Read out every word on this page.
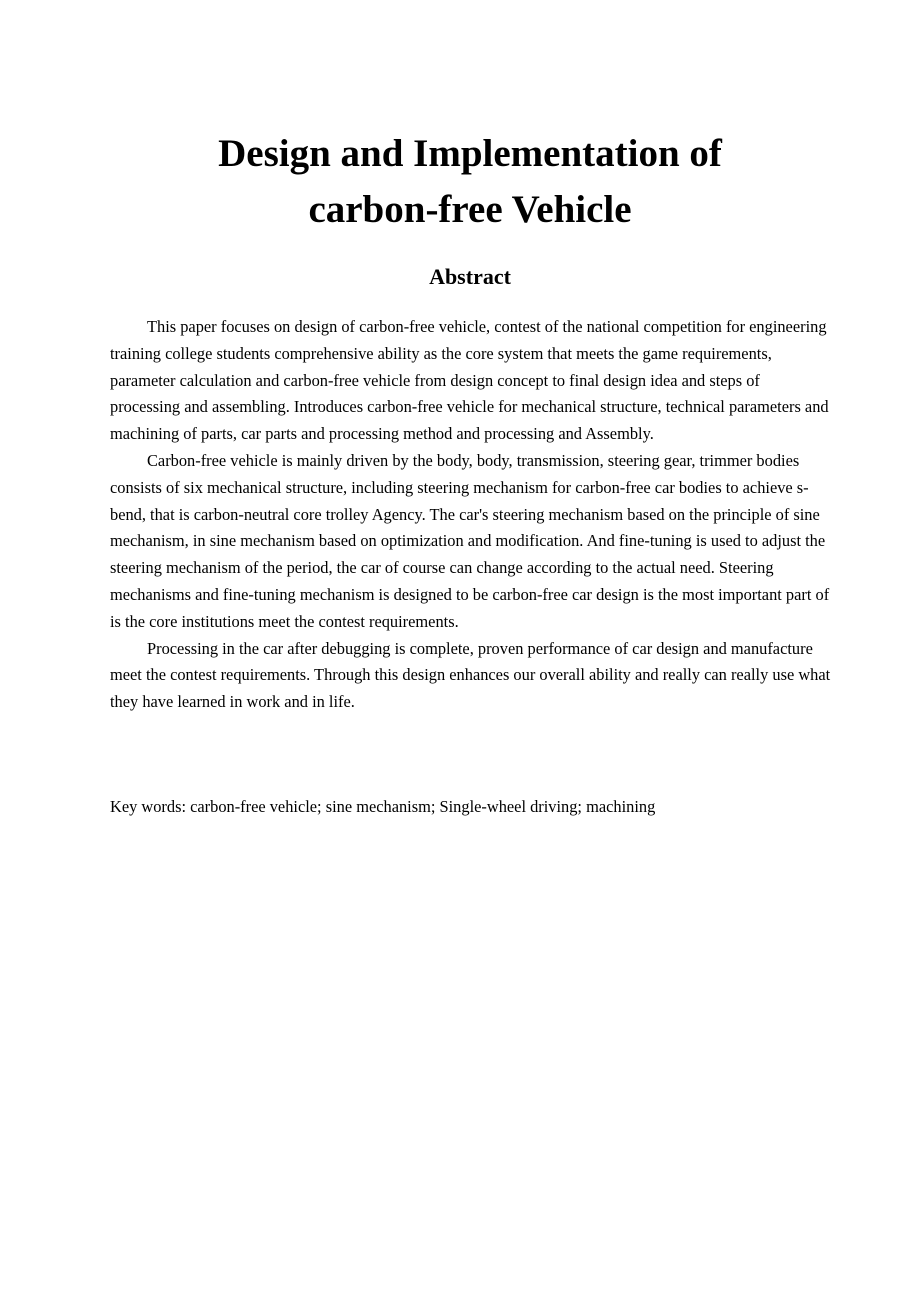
Design and Implementation of
carbon-free Vehicle
Abstract

This paper focuses on design of carbon-free vehicle, contest of the national competition for engineering training college students comprehensive ability as the core system that meets the game requirements, parameter calculation and carbon-free vehicle from design concept to final design idea and steps of processing and assembling. Introduces carbon-free vehicle for mechanical structure, technical parameters and machining of parts, car parts and processing method and processing and Assembly.

Carbon-free vehicle is mainly driven by the body, body, transmission, steering gear, trimmer bodies consists of six mechanical structure, including steering mechanism for carbon-free car bodies to achieve s-bend, that is carbon-neutral core trolley Agency. The car's steering mechanism based on the principle of sine mechanism, in sine mechanism based on optimization and modification. And fine-tuning is used to adjust the steering mechanism of the period, the car of course can change according to the actual need. Steering mechanisms and fine-tuning mechanism is designed to be carbon-free car design is the most important part of is the core institutions meet the contest requirements.

Processing in the car after debugging is complete, proven performance of car design and manufacture meet the contest requirements. Through this design enhances our overall ability and really can really use what they have learned in work and in life.

Key words: carbon-free vehicle; sine mechanism; Single-wheel driving; machining
